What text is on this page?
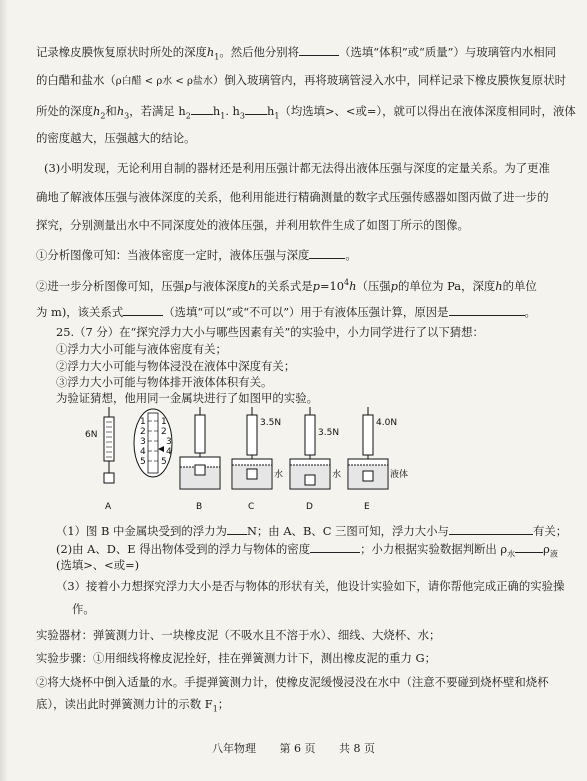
记录橡皮膜恢复原状时所处的深度$h_1$。然后他分别将	（选填“体积”或“质量”）与玻璃管内水相同
的白醋和盐水（ρ白醋 < ρ水 < ρ盐水）倒入玻璃管内，再将玻璃管浸入水中，同样记录下橡皮膜恢复原状时
所处的深度$h_2$和$h_3$，若满足 $h_2$ $h_1$. $h_3$ $h_1$（均选填>、<或=），就可以得出在液体深度相同时，液体
的密度越大，压强越大的结论。
(3)小明发现，无论利用自制的器材还是利用压强计都无法得出液体压强与深度的定量关系。为了更准
确地了解液体压强与液体深度的关系，他利用能进行精确测量的数字式压强传感器如图丙做了进一步的
探究，分别测量出水中不同深度处的液体压强，并利用软件生成了如图丁所示的图像。
①分析图像可知：当液体密度一定时，液体压强与深度	。
②进一步分析图像可知，压强p与液体深度h的关系式是$p=10^4h$（压强p的单位为 Pa，深度h的单位
为 m)，该关系式	（选填“可以”或“不可以”）用于有液体压强计算，原因是	。
25.（7 分）在“探究浮力大小与哪些因素有关”的实验中，小力同学进行了以下猜想：
①浮力大小可能与液体密度有关；
②浮力大小可能与物体浸没在液体中深度有关；
③浮力大小可能与物体排开液体体积有关。
为验证猜想，他用同一金属块进行了如图甲的实验。
6N
A
1
2
3
4
5
1
2
3
4
5
B
3.5N
水
C
3.5N
水
D
4.0N
液体
E
（1）图 B 中金属块受到的浮力为 N；由 A、B、C 三图可知，浮力大小与	有关；
(2)由 A、D、E 得出物体受到的浮力与物体的密度	；小力根据实验数据判断出 $\rho_水$ $\rho_液$
(选填>、<或=)
（3）接着小力想探究浮力大小是否与物体的形状有关，他设计实验如下，请你帮他完成正确的实验操
作。
实验器材：弹簧测力计、一块橡皮泥（不吸水且不溶于水）、细线、大烧杯、水；
实验步骤：①用细线将橡皮泥拴好，挂在弹簧测力计下，测出橡皮泥的重力 G；
②将大烧杯中倒入适量的水。手提弹簧测力计，使橡皮泥缓慢浸没在水中（注意不要碰到烧杯壁和烧杯
底），读出此时弹簧测力计的示数 $F_1$；
八年物理 第 6 页 共 8 页
